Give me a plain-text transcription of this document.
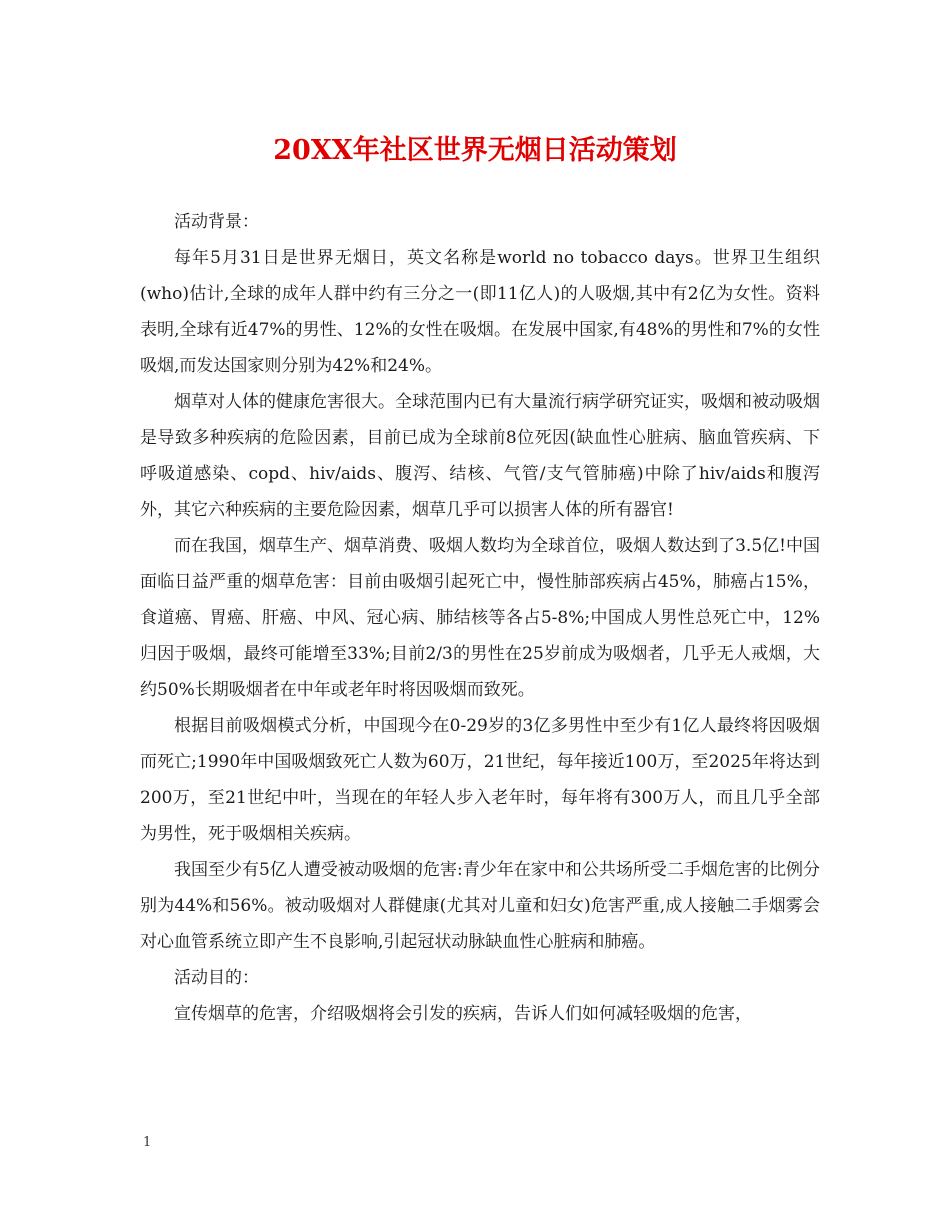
20XX年社区世界无烟日活动策划

活动背景：

每年5月31日是世界无烟日，英文名称是world no tobacco days。世界卫生组织(who)估计,全球的成年人群中约有三分之一(即11亿人)的人吸烟,其中有2亿为女性。资料表明,全球有近47%的男性、12%的女性在吸烟。在发展中国家,有48%的男性和7%的女性吸烟,而发达国家则分别为42%和24%。

烟草对人体的健康危害很大。全球范围内已有大量流行病学研究证实，吸烟和被动吸烟是导致多种疾病的危险因素，目前已成为全球前8位死因(缺血性心脏病、脑血管疾病、下呼吸道感染、copd、hiv/aids、腹泻、结核、气管/支气管肺癌)中除了hiv/aids和腹泻外，其它六种疾病的主要危险因素，烟草几乎可以损害人体的所有器官!

而在我国，烟草生产、烟草消费、吸烟人数均为全球首位，吸烟人数达到了3.5亿!中国面临日益严重的烟草危害：目前由吸烟引起死亡中，慢性肺部疾病占45%，肺癌占15%，食道癌、胃癌、肝癌、中风、冠心病、肺结核等各占5-8%;中国成人男性总死亡中，12%归因于吸烟，最终可能增至33%;目前2/3的男性在25岁前成为吸烟者，几乎无人戒烟，大约50%长期吸烟者在中年或老年时将因吸烟而致死。

根据目前吸烟模式分析，中国现今在0-29岁的3亿多男性中至少有1亿人最终将因吸烟而死亡;1990年中国吸烟致死亡人数为60万，21世纪，每年接近100万，至2025年将达到200万，至21世纪中叶，当现在的年轻人步入老年时，每年将有300万人，而且几乎全部为男性，死于吸烟相关疾病。

我国至少有5亿人遭受被动吸烟的危害:青少年在家中和公共场所受二手烟危害的比例分别为44%和56%。被动吸烟对人群健康(尤其对儿童和妇女)危害严重,成人接触二手烟雾会对心血管系统立即产生不良影响,引起冠状动脉缺血性心脏病和肺癌。

活动目的：

宣传烟草的危害，介绍吸烟将会引发的疾病，告诉人们如何减轻吸烟的危害，

1
